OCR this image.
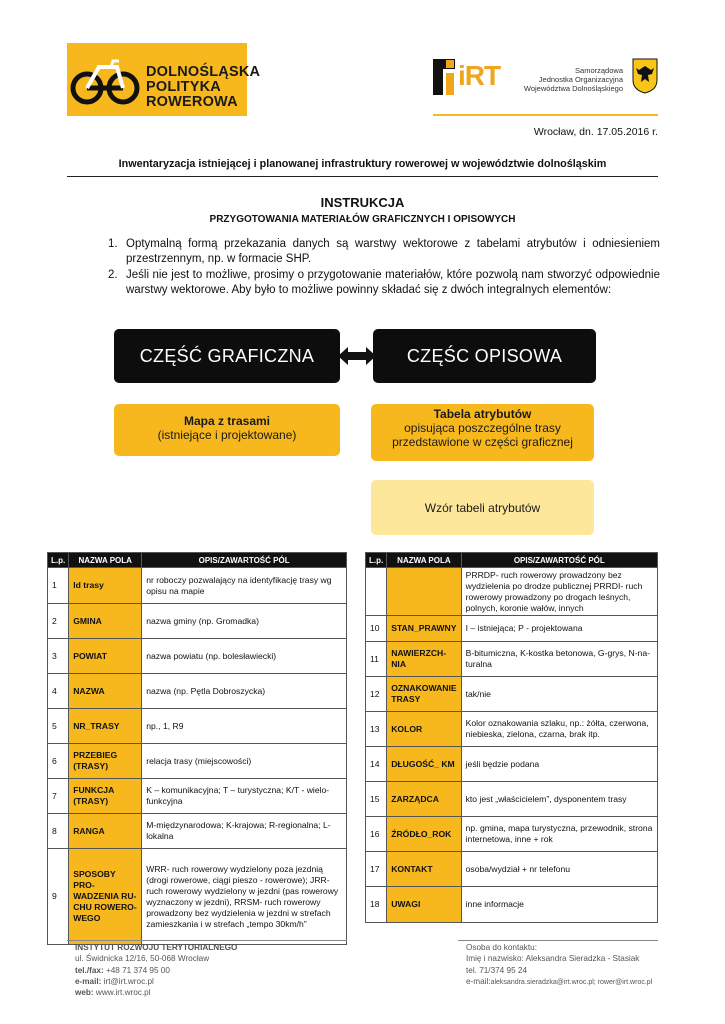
DOLNOŚLĄSKA
POLITYKA
ROWEROWA
iRT	Samorządowa
Jednostka Organizacyjna
Województwa Dolnośląskiego
Wrocław, dn. 17.05.2016 r.
Inwentaryzacja istniejącej i planowanej infrastruktury rowerowej w województwie dolnośląskim
INSTRUKCJA
PRZYGOTOWANIA MATERIAŁÓW GRAFICZNYCH I OPISOWYCH
1. Optymalną formą przekazania danych są warstwy wektorowe z tabelami atrybutów i odniesieniem przestrzennym, np. w formacie SHP.
2. Jeśli nie jest to możliwe, prosimy o przygotowanie materiałów, które pozwolą nam stworzyć odpowiednie warstwy wektorowe. Aby było to możliwe powinny składać się z dwóch integralnych elementów:
CZĘŚĆ GRAFICZNA	CZĘŚC OPISOWA
Mapa z trasami
(istniejące i projektowane)
Tabela atrybutów
opisująca poszczególne trasy
przedstawione w części graficznej
Wzór tabeli atrybutów
L.p.	NAZWA POLA	OPIS/ZAWARTOŚĆ PÓL
1	Id trasy	nr roboczy pozwalający na identyfikację trasy wg opisu na mapie
2	GMINA	nazwa gminy (np. Gromadka)
3	POWIAT	nazwa powiatu (np. bolesławiecki)
4	NAZWA	nazwa (np. Pętla Dobroszycka)
5	NR_TRASY	np., 1, R9
6	PRZEBIEG (TRASY)	relacja trasy (miejscowości)
7	FUNKCJA (TRASY)	K – komunikacyjna; T – turystyczna; K/T - wielofunkcyjna
8	RANGA	M-międzynarodowa; K-krajowa; R-regionalna; L-lokalna
9	SPOSOBY PROWADZENIA RUCHU ROWEROWEGO	WRR- ruch rowerowy wydzielony poza jezdnią (drogi rowerowe, ciągi pieszo - rowerowe); JRR-ruch rowerowy wydzielony w jezdni (pas rowerowy wyznaczony w jezdni), RRSM- ruch rowerowy prowadzony bez wydzielenia w jezdni w strefach zamieszkania i w strefach „tempo 30km/h”
L.p.	NAZWA POLA	OPIS/ZAWARTOŚĆ PÓL
		PRRDP- ruch rowerowy prowadzony bez wydzielenia po drodze publicznej PRRDI- ruch rowerowy prowadzony po drogach leśnych, polnych, koronie wałów, innych
10	STAN_PRAWNY	I – istniejąca; P - projektowana
11	NAWIERZCHNIA	B-bitumiczna, K-kostka betonowa, G-grys, N-naturalna
12	OZNAKOWANIE TRASY	tak/nie
13	KOLOR	Kolor oznakowania szlaku, np.: żółta, czerwona, niebieska, zielona, czarna, brak itp.
14	DŁUGOŚĆ_ KM	jeśli będzie podana
15	ZARZĄDCA	kto jest „właścicielem”, dysponentem trasy
16	ŹRÓDŁO_ROK	np. gmina, mapa turystyczna, przewodnik, strona internetowa, inne + rok
17	KONTAKT	osoba/wydział + nr telefonu
18	UWAGI	inne informacje
INSTYTUT ROZWOJU TERYTORIALNEGO
ul. Świdnicka 12/16, 50-068 Wrocław
tel./fax: +48 71 374 95 00
e-mail: irt@irt.wroc.pl
web: www.irt.wroc.pl
Osoba do kontaktu:
Imię i nazwisko: Aleksandra Sieradzka - Stasiak
tel. 71/374 95 24
e-mail:aleksandra.sieradzka@irt.wroc.pl; rower@irt.wroc.pl
